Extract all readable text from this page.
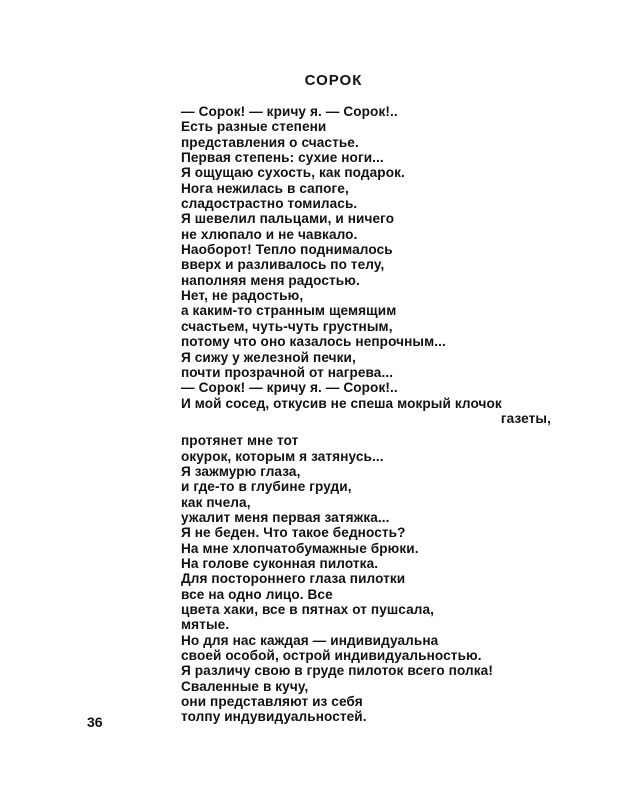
СОРОК
— Сорок! — кричу я. — Сорок!..
Есть разные степени
представления о счастье.
Первая степень: сухие ноги...
Я ощущаю сухость, как подарок.
Нога нежилась в сапоге,
сладострастно томилась.
Я шевелил пальцами, и ничего
не хлюпало и не чавкало.
Наоборот! Тепло поднималось
вверх и разливалось по телу,
наполняя меня радостью.
Нет, не радостью,
а каким-то странным щемящим
счастьем, чуть-чуть грустным,
потому что оно казалось непрочным...
Я сижу у железной печки,
почти прозрачной от нагрева...
— Сорок! — кричу я. — Сорок!..
И мой сосед, откусив не спеша мокрый клочок
газеты,
протянет мне тот
окурок, которым я затянусь...
Я зажмурю глаза,
и где-то в глубине груди,
как пчела,
ужалит меня первая затяжка...
Я не беден. Что такое бедность?
На мне хлопчатобумажные брюки.
На голове суконная пилотка.
Для постороннего глаза пилотки
все на одно лицо. Все
цвета хаки, все в пятнах от пушсала,
мятые.
Но для нас каждая — индивидуальна
своей особой, острой индивидуальностью.
Я различу свою в груде пилоток всего полка!
Сваленные в кучу,
они представляют из себя
толпу индувидуальностей.
36
